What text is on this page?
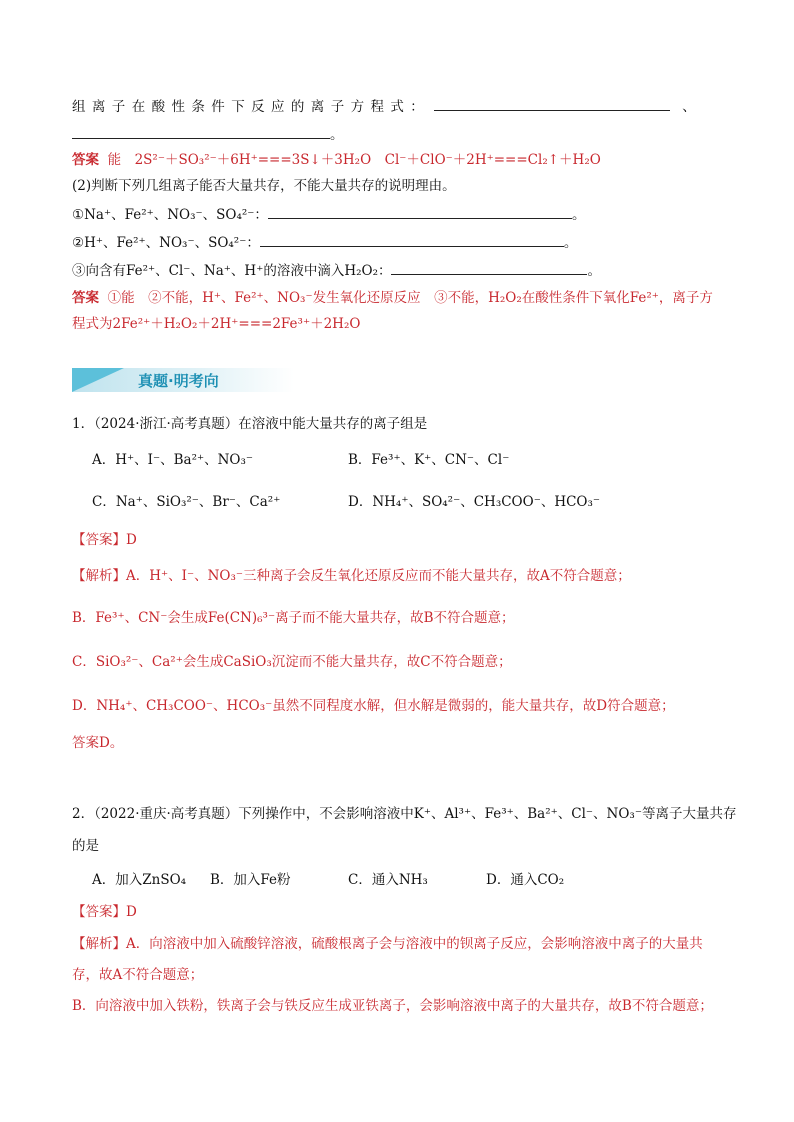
组离子在酸性条件下反应的离子方程式：	、
。
答案 能　2S²⁻＋SO₃²⁻＋6H⁺===3S↓＋3H₂O　Cl⁻＋ClO⁻＋2H⁺===Cl₂↑＋H₂O
(2)判断下列几组离子能否大量共存，不能大量共存的说明理由。
①Na⁺、Fe²⁺、NO₃⁻、SO₄²⁻：	。
②H⁺、Fe²⁺、NO₃⁻、SO₄²⁻：	。
③向含有Fe²⁺、Cl⁻、Na⁺、H⁺的溶液中滴入H₂O₂：	。
答案 ①能　②不能，H⁺、Fe²⁺、NO₃⁻发生氧化还原反应　③不能，H₂O₂在酸性条件下氧化Fe²⁺，离子方
程式为2Fe²⁺＋H₂O₂＋2H⁺===2Fe³⁺＋2H₂O
真题·明考向
1．（2024·浙江·高考真题）在溶液中能大量共存的离子组是
A．H⁺、I⁻、Ba²⁺、NO₃⁻	B．Fe³⁺、K⁺、CN⁻、Cl⁻
C．Na⁺、SiO₃²⁻、Br⁻、Ca²⁺	D．NH₄⁺、SO₄²⁻、CH₃COO⁻、HCO₃⁻
【答案】D
【解析】A．H⁺、I⁻、NO₃⁻三种离子会反生氧化还原反应而不能大量共存，故A不符合题意；
B．Fe³⁺、CN⁻会生成Fe(CN)₆³⁻离子而不能大量共存，故B不符合题意；
C．SiO₃²⁻、Ca²⁺会生成CaSiO₃沉淀而不能大量共存，故C不符合题意；
D．NH₄⁺、CH₃COO⁻、HCO₃⁻虽然不同程度水解，但水解是微弱的，能大量共存，故D符合题意；
答案D。
2．（2022·重庆·高考真题）下列操作中，不会影响溶液中K⁺、Al³⁺、Fe³⁺、Ba²⁺、Cl⁻、NO₃⁻等离子大量共存
的是
A．加入ZnSO₄ B．加入Fe粉	C．通入NH₃	D．通入CO₂
【答案】D
【解析】A．向溶液中加入硫酸锌溶液，硫酸根离子会与溶液中的钡离子反应，会影响溶液中离子的大量共
存，故A不符合题意；
B．向溶液中加入铁粉，铁离子会与铁反应生成亚铁离子，会影响溶液中离子的大量共存，故B不符合题意；
